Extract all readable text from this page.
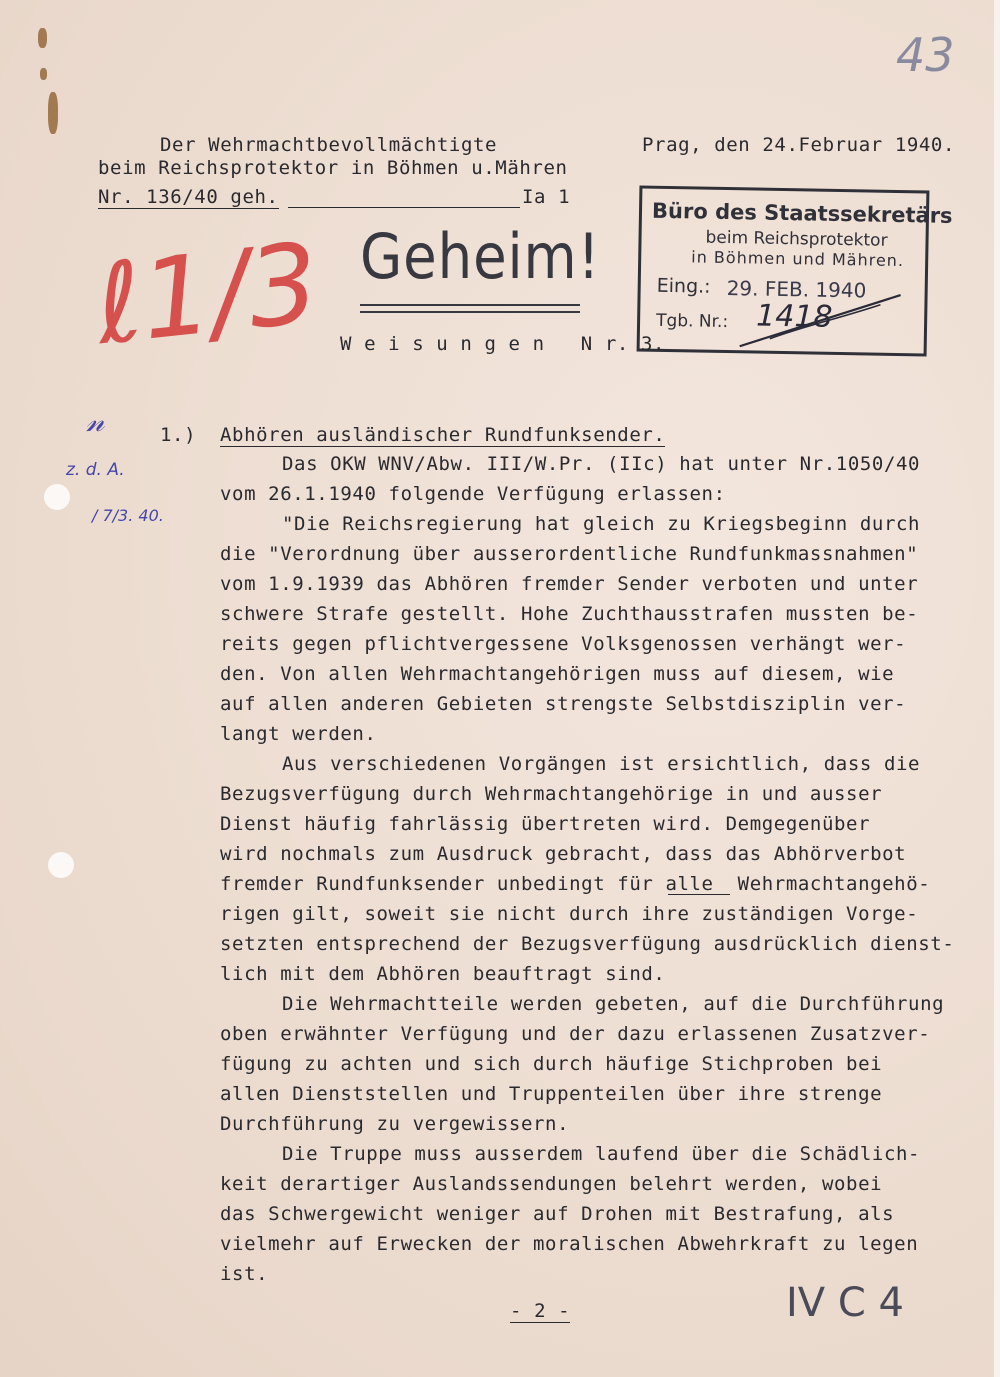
43
Der Wehrmachtbevollmächtigte
beim Reichsprotektor in Böhmen u.Mähren
Prag, den 24.Februar 1940.
Nr. 136/40 geh.	Ia 1
Büro des Staatssekretärs
beim Reichsprotektor
in Böhmen und Mähren.
Eing.: 29. FEB. 1940
Tgb. Nr.: 1418
Geheim!
W e i s u n g e n   N r. 3.
ℓ1/3
𝓃
z. d. A.
/ 7/3. 40.
1.) Abhören ausländischer Rundfunksender.
Das OKW WNV/Abw. III/W.Pr. (IIc) hat unter Nr.1050/40
vom 26.1.1940 folgende Verfügung erlassen:
"Die Reichsregierung hat gleich zu Kriegsbeginn durch
die "Verordnung über ausserordentliche Rundfunkmassnahmen"
vom 1.9.1939 das Abhören fremder Sender verboten und unter
schwere Strafe gestellt. Hohe Zuchthausstrafen mussten be-
reits gegen pflichtvergessene Volksgenossen verhängt wer-
den. Von allen Wehrmachtangehörigen muss auf diesem, wie
auf allen anderen Gebieten strengste Selbstdisziplin ver-
langt werden.
Aus verschiedenen Vorgängen ist ersichtlich, dass die
Bezugsverfügung durch Wehrmachtangehörige in und ausser
Dienst häufig fahrlässig übertreten wird. Demgegenüber
wird nochmals zum Ausdruck gebracht, dass das Abhörverbot
fremder Rundfunksender unbedingt für alle  Wehrmachtangehö-
rigen gilt, soweit sie nicht durch ihre zuständigen Vorge-
setzten entsprechend der Bezugsverfügung ausdrücklich dienst-
lich mit dem Abhören beauftragt sind.
Die Wehrmachtteile werden gebeten, auf die Durchführung
oben erwähnter Verfügung und der dazu erlassenen Zusatzver-
fügung zu achten und sich durch häufige Stichproben bei
allen Dienststellen und Truppenteilen über ihre strenge
Durchführung zu vergewissern.
Die Truppe muss ausserdem laufend über die Schädlich-
keit derartiger Auslandssendungen belehrt werden, wobei
das Schwergewicht weniger auf Drohen mit Bestrafung, als
vielmehr auf Erwecken der moralischen Abwehrkraft zu legen
ist.
- 2 -	IV C 4
